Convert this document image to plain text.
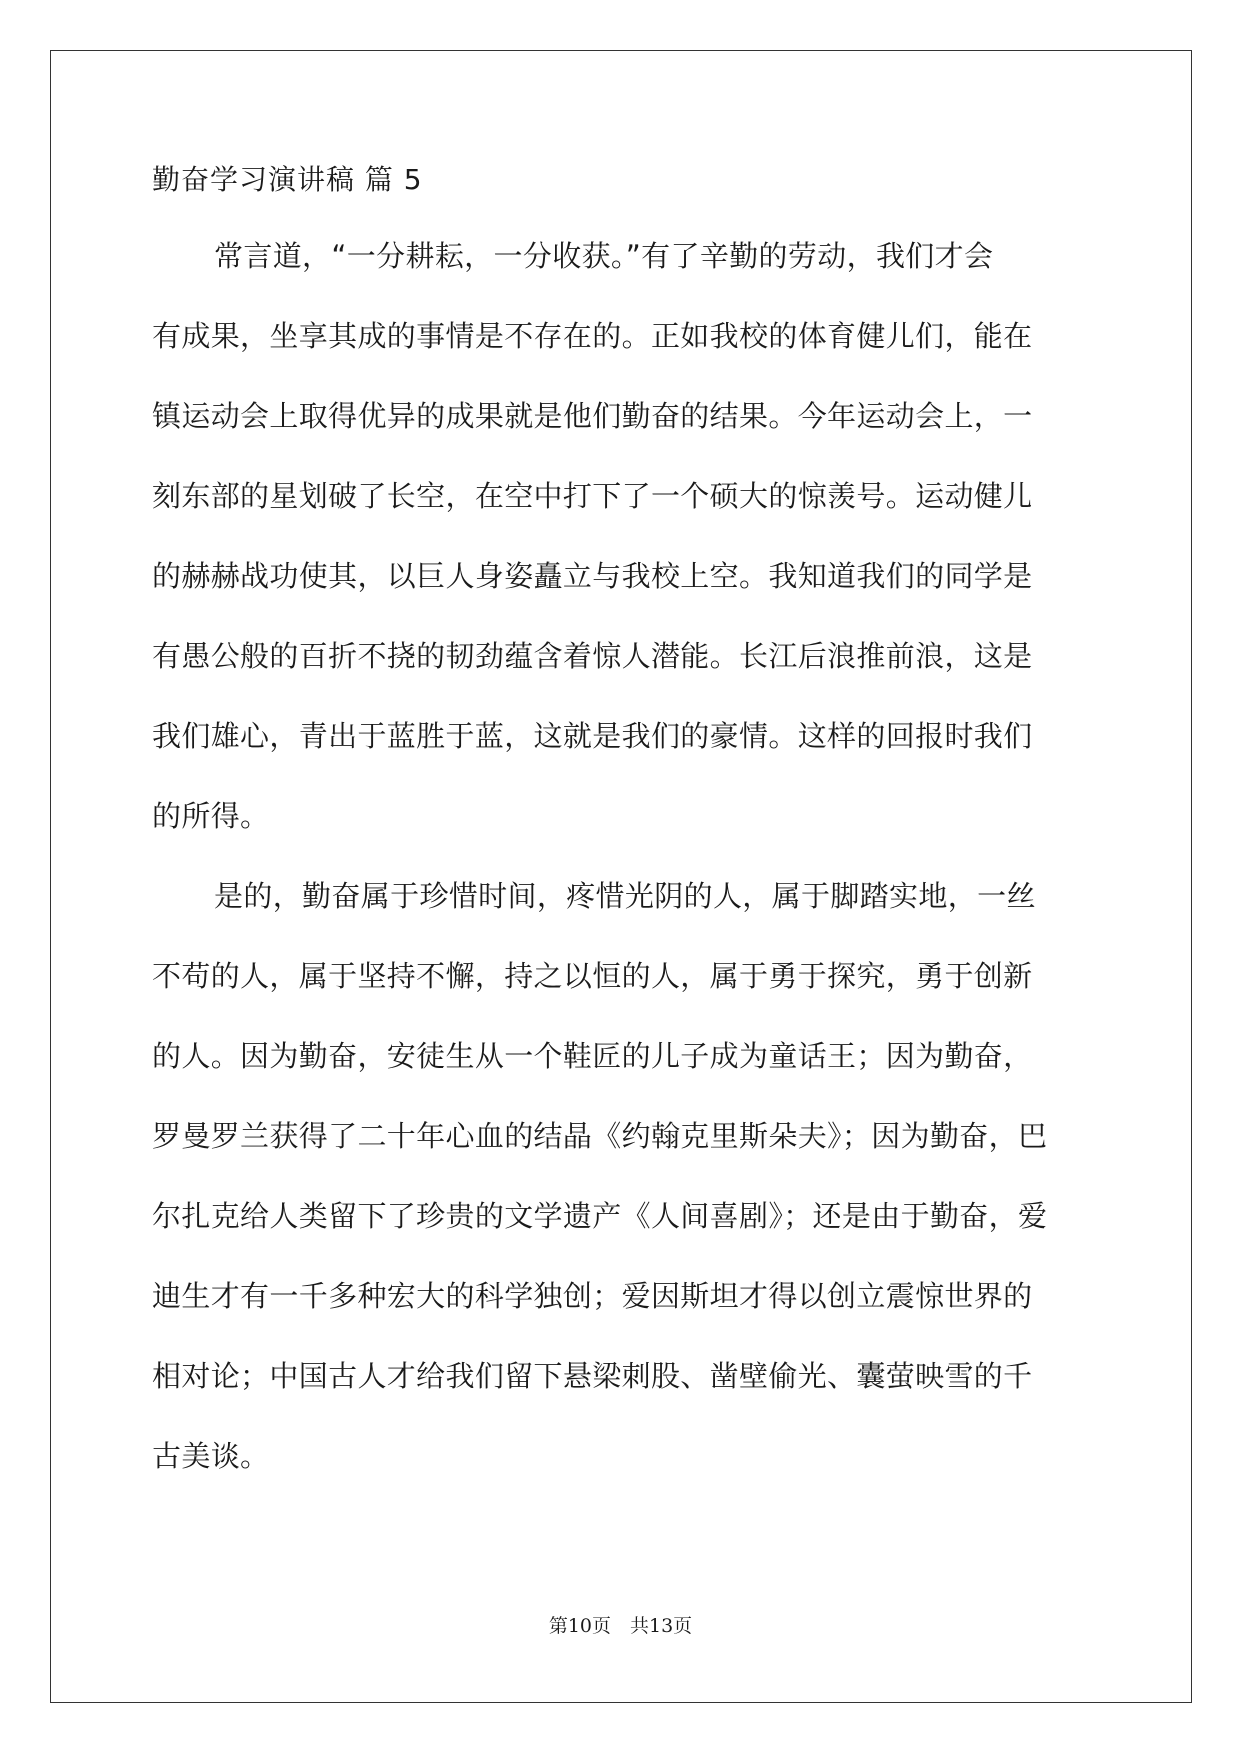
勤奋学习演讲稿 篇 5
常言道，“一分耕耘，一分收获。”有了辛勤的劳动，我们才会
有成果，坐享其成的事情是不存在的。正如我校的体育健儿们，能在
镇运动会上取得优异的成果就是他们勤奋的结果。今年运动会上，一
刻东部的星划破了长空，在空中打下了一个硕大的惊羡号。运动健儿
的赫赫战功使其，以巨人身姿矗立与我校上空。我知道我们的同学是
有愚公般的百折不挠的韧劲蕴含着惊人潜能。长江后浪推前浪，这是
我们雄心，青出于蓝胜于蓝，这就是我们的豪情。这样的回报时我们
的所得。
是的，勤奋属于珍惜时间，疼惜光阴的人，属于脚踏实地，一丝
不苟的人，属于坚持不懈，持之以恒的人，属于勇于探究，勇于创新
的人。因为勤奋，安徒生从一个鞋匠的儿子成为童话王；因为勤奋，
罗曼罗兰获得了二十年心血的结晶《约翰克里斯朵夫》；因为勤奋，巴
尔扎克给人类留下了珍贵的文学遗产《人间喜剧》；还是由于勤奋，爱
迪生才有一千多种宏大的科学独创；爱因斯坦才得以创立震惊世界的
相对论；中国古人才给我们留下悬梁刺股、凿壁偷光、囊萤映雪的千
古美谈。
第10页　共13页
